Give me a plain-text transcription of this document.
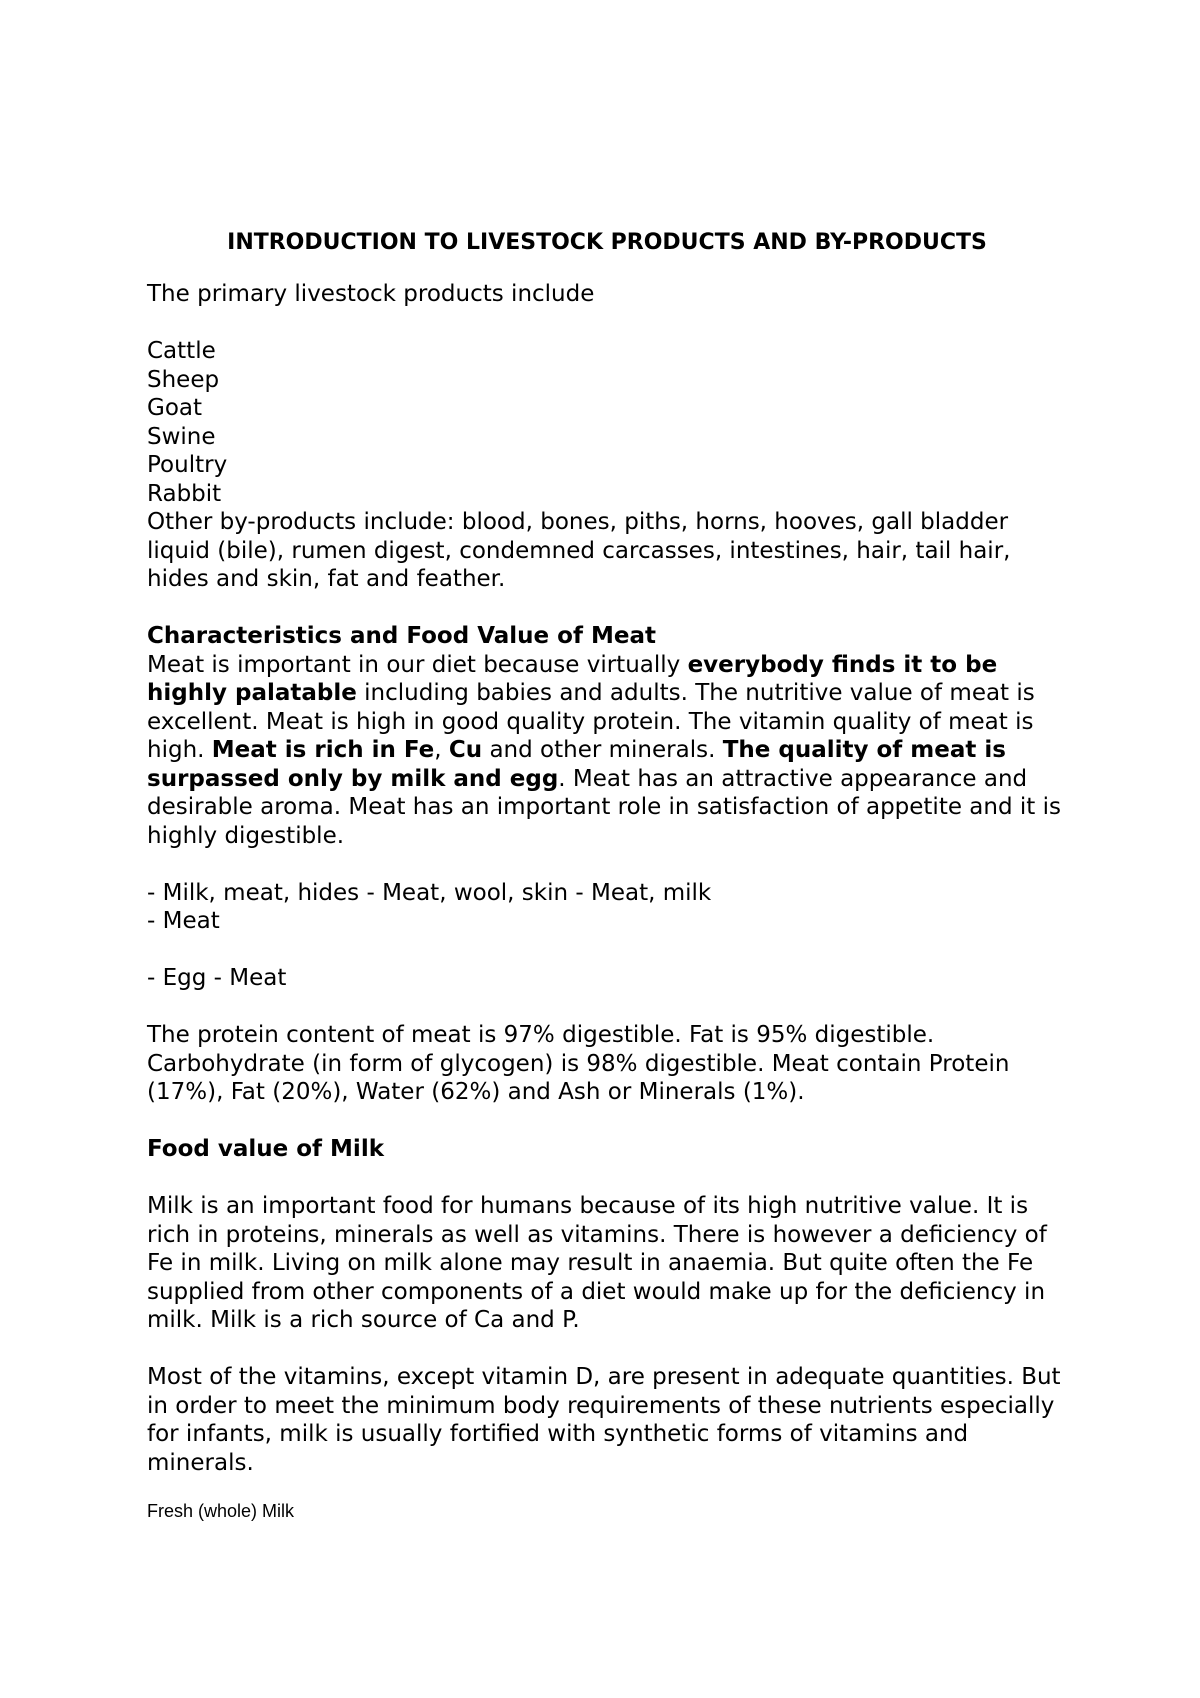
INTRODUCTION TO LIVESTOCK PRODUCTS AND BY-PRODUCTS

The primary livestock products include

Cattle

Sheep

Goat

Swine

Poultry

Rabbit

Other by-products include: blood, bones, piths, horns, hooves, gall bladder liquid (bile), rumen digest, condemned carcasses, intestines, hair, tail hair, hides and skin, fat and feather.

Characteristics and Food Value of Meat

Meat is important in our diet because virtually everybody finds it to be highly palatable including babies and adults. The nutritive value of meat is excellent. Meat is high in good quality protein. The vitamin quality of meat is high. Meat is rich in Fe, Cu and other minerals. The quality of meat is surpassed only by milk and egg. Meat has an attractive appearance and desirable aroma. Meat has an important role in satisfaction of appetite and it is highly digestible.

- Milk, meat, hides - Meat, wool, skin - Meat, milk

- Meat

- Egg - Meat

The protein content of meat is 97% digestible. Fat is 95% digestible. Carbohydrate (in form of glycogen) is 98% digestible. Meat contain Protein (17%), Fat (20%), Water (62%) and Ash or Minerals (1%).

Food value of Milk

Milk is an important food for humans because of its high nutritive value. It is rich in proteins, minerals as well as vitamins. There is however a deficiency of Fe in milk. Living on milk alone may result in anaemia. But quite often the Fe supplied from other components of a diet would make up for the deficiency in milk. Milk is a rich source of Ca and P.

Most of the vitamins, except vitamin D, are present in adequate quantities. But in order to meet the minimum body requirements of these nutrients especially for infants, milk is usually fortified with synthetic forms of vitamins and minerals.

Fresh (whole) Milk
